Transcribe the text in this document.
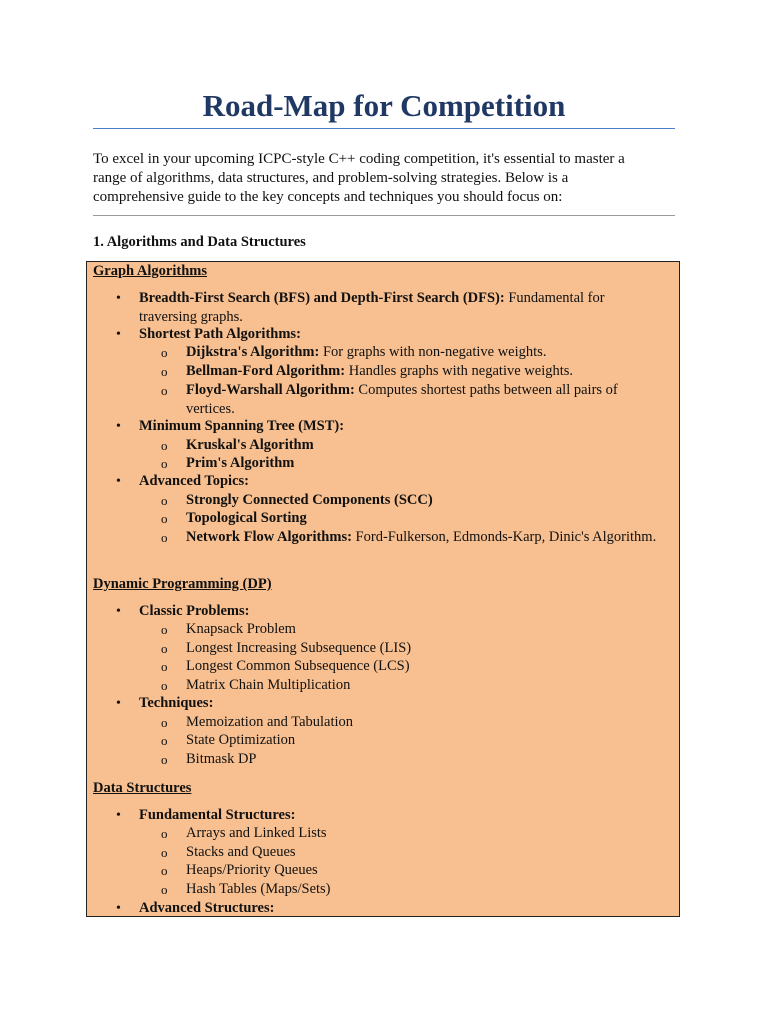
Road-Map for Competition

To excel in your upcoming ICPC-style C++ coding competition, it's essential to master a range of algorithms, data structures, and problem-solving strategies. Below is a comprehensive guide to the key concepts and techniques you should focus on:

1. Algorithms and Data Structures

Graph Algorithms

• Breadth-First Search (BFS) and Depth-First Search (DFS): Fundamental for traversing graphs.
• Shortest Path Algorithms:
o Dijkstra's Algorithm: For graphs with non-negative weights.
o Bellman-Ford Algorithm: Handles graphs with negative weights.
o Floyd-Warshall Algorithm: Computes shortest paths between all pairs of vertices.
• Minimum Spanning Tree (MST):
o Kruskal's Algorithm
o Prim's Algorithm
• Advanced Topics:
o Strongly Connected Components (SCC)
o Topological Sorting
o Network Flow Algorithms: Ford-Fulkerson, Edmonds-Karp, Dinic's Algorithm.

Dynamic Programming (DP)

• Classic Problems:
o Knapsack Problem
o Longest Increasing Subsequence (LIS)
o Longest Common Subsequence (LCS)
o Matrix Chain Multiplication
• Techniques:
o Memoization and Tabulation
o State Optimization
o Bitmask DP

Data Structures

• Fundamental Structures:
o Arrays and Linked Lists
o Stacks and Queues
o Heaps/Priority Queues
o Hash Tables (Maps/Sets)
• Advanced Structures:
